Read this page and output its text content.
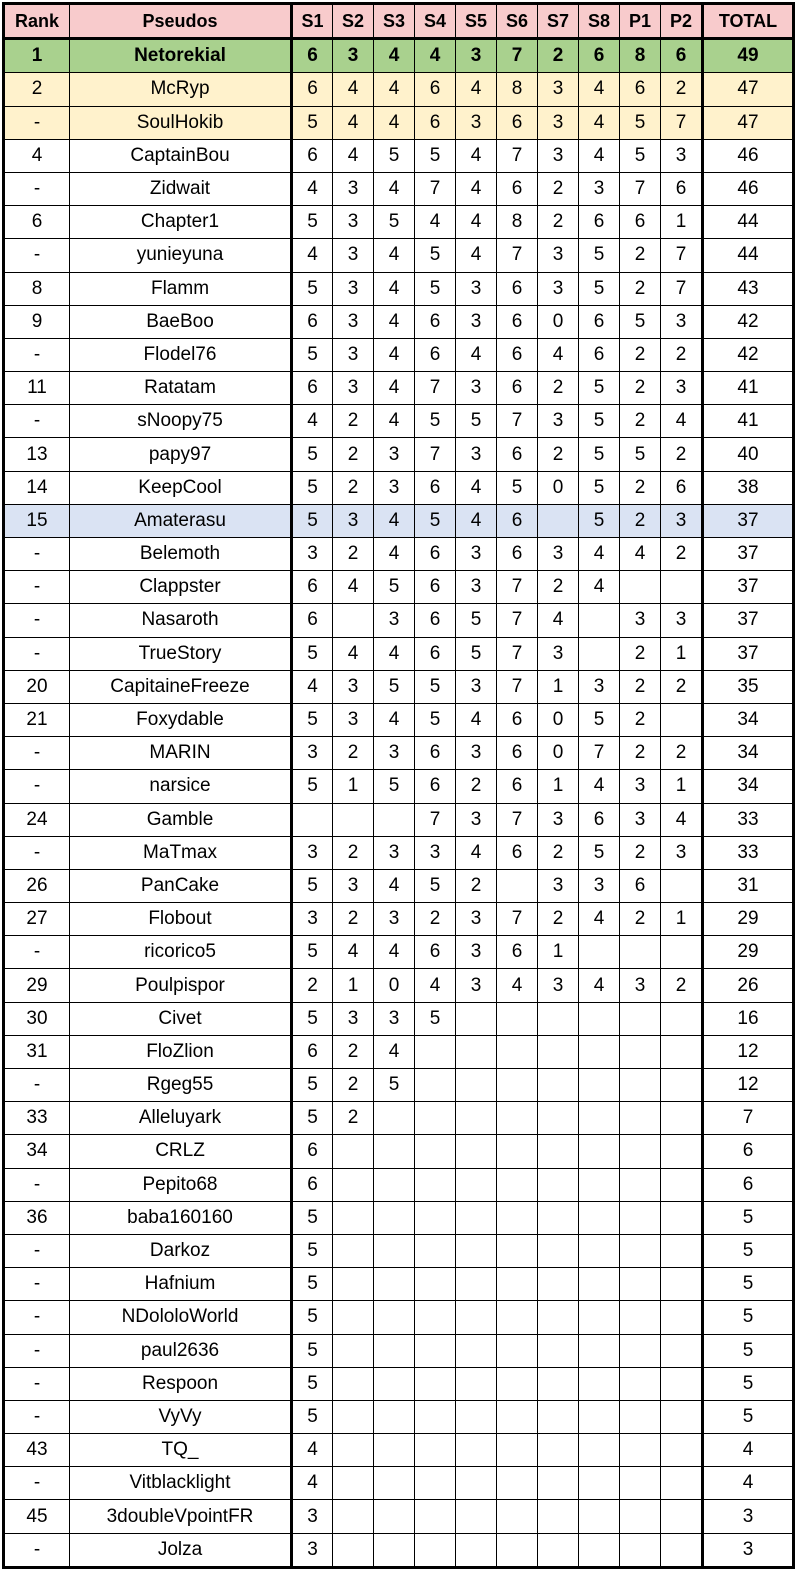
Rank	Pseudos	S1	S2	S3	S4	S5	S6	S7	S8	P1	P2	TOTAL
1	Netorekial	6	3	4	4	3	7	2	6	8	6	49
2	McRyp	6	4	4	6	4	8	3	4	6	2	47
-	SoulHokib	5	4	4	6	3	6	3	4	5	7	47
4	CaptainBou	6	4	5	5	4	7	3	4	5	3	46
-	Zidwait	4	3	4	7	4	6	2	3	7	6	46
6	Chapter1	5	3	5	4	4	8	2	6	6	1	44
-	yunieyuna	4	3	4	5	4	7	3	5	2	7	44
8	Flamm	5	3	4	5	3	6	3	5	2	7	43
9	BaeBoo	6	3	4	6	3	6	0	6	5	3	42
-	Flodel76	5	3	4	6	4	6	4	6	2	2	42
11	Ratatam	6	3	4	7	3	6	2	5	2	3	41
-	sNoopy75	4	2	4	5	5	7	3	5	2	4	41
13	papy97	5	2	3	7	3	6	2	5	5	2	40
14	KeepCool	5	2	3	6	4	5	0	5	2	6	38
15	Amaterasu	5	3	4	5	4	6		5	2	3	37
-	Belemoth	3	2	4	6	3	6	3	4	4	2	37
-	Clappster	6	4	5	6	3	7	2	4			37
-	Nasaroth	6		3	6	5	7	4		3	3	37
-	TrueStory	5	4	4	6	5	7	3		2	1	37
20	CapitaineFreeze	4	3	5	5	3	7	1	3	2	2	35
21	Foxydable	5	3	4	5	4	6	0	5	2		34
-	MARIN	3	2	3	6	3	6	0	7	2	2	34
-	narsice	5	1	5	6	2	6	1	4	3	1	34
24	Gamble				7	3	7	3	6	3	4	33
-	MaTmax	3	2	3	3	4	6	2	5	2	3	33
26	PanCake	5	3	4	5	2		3	3	6		31
27	Flobout	3	2	3	2	3	7	2	4	2	1	29
-	ricorico5	5	4	4	6	3	6	1				29
29	Poulpispor	2	1	0	4	3	4	3	4	3	2	26
30	Civet	5	3	3	5							16
31	FloZlion	6	2	4								12
-	Rgeg55	5	2	5								12
33	Alleluyark	5	2									7
34	CRLZ	6										6
-	Pepito68	6										6
36	baba160160	5										5
-	Darkoz	5										5
-	Hafnium	5										5
-	NDololoWorld	5										5
-	paul2636	5										5
-	Respoon	5										5
-	VyVy	5										5
43	TQ_	4										4
-	Vitblacklight	4										4
45	3doubleVpointFR	3										3
-	Jolza	3										3
